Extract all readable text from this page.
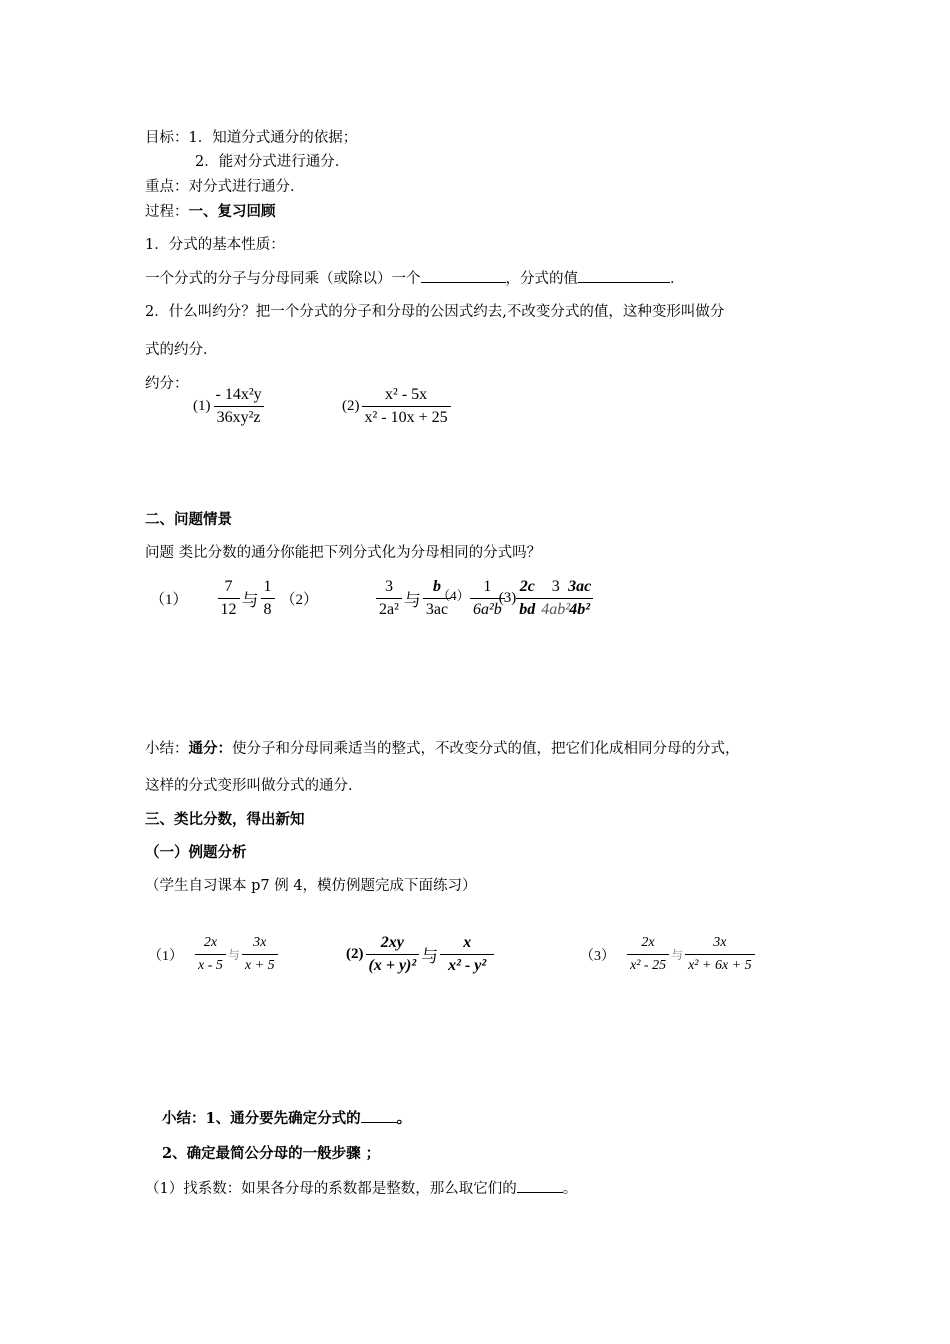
目标：1．知道分式通分的依据；
2．能对分式进行通分．
重点：对分式进行通分．
过程：一、复习回顾
1．分式的基本性质：
一个分式的分子与分母同乘（或除以）一个	，分式的值	．
2．什么叫约分？把一个分式的分子和分母的公因式约去,不改变分式的值，这种变形叫做分
式的约分．
约分：
$(1) \frac{\text{- 14x²y}}{\text{36xy²z}}$	$(2) \frac{\text{x² - 5x}}{\text{x² - 10x + 25}}$
二、问题情景
问题 类比分数的通分你能把下列分式化为分母相同的分式吗？
$(1) \frac{7}{12}$ 与 $\frac{1}{8} (2)$	$\frac{3}{\text{2a²}}$ 与 $\frac{b}{3ac}$
$(4) \frac{1}{\text{6a²b}}$
$(3) \frac{2c}{bd} \frac{3}{\text{4ab²}}$
$\frac{3ac}{\text{4b²}}$
小结：通分：使分子和分母同乘适当的整式，不改变分式的值，把它们化成相同分母的分式，
这样的分式变形叫做分式的通分．
三、类比分数，得出新知
（一）例题分析
（学生自习课本 p7 例 4，模仿例题完成下面练习）
$(1) \frac{2x}{x - 5}$ 与 $\frac{3x}{x + 5}$	$(2) \frac{2xy}{\text{(x + y)²}}$ 与 $\frac{x}{\text{x² - y²}}$	$(3) \frac{2x}{\text{x² - 25}}$ 与 $\frac{3x}{\text{x² + 6x + 5}}$
小结：1、通分要先确定分式的 。
2、确定最简公分母的一般步骤 ；
（1）找系数：如果各分母的系数都是整数，那么取它们的	。
